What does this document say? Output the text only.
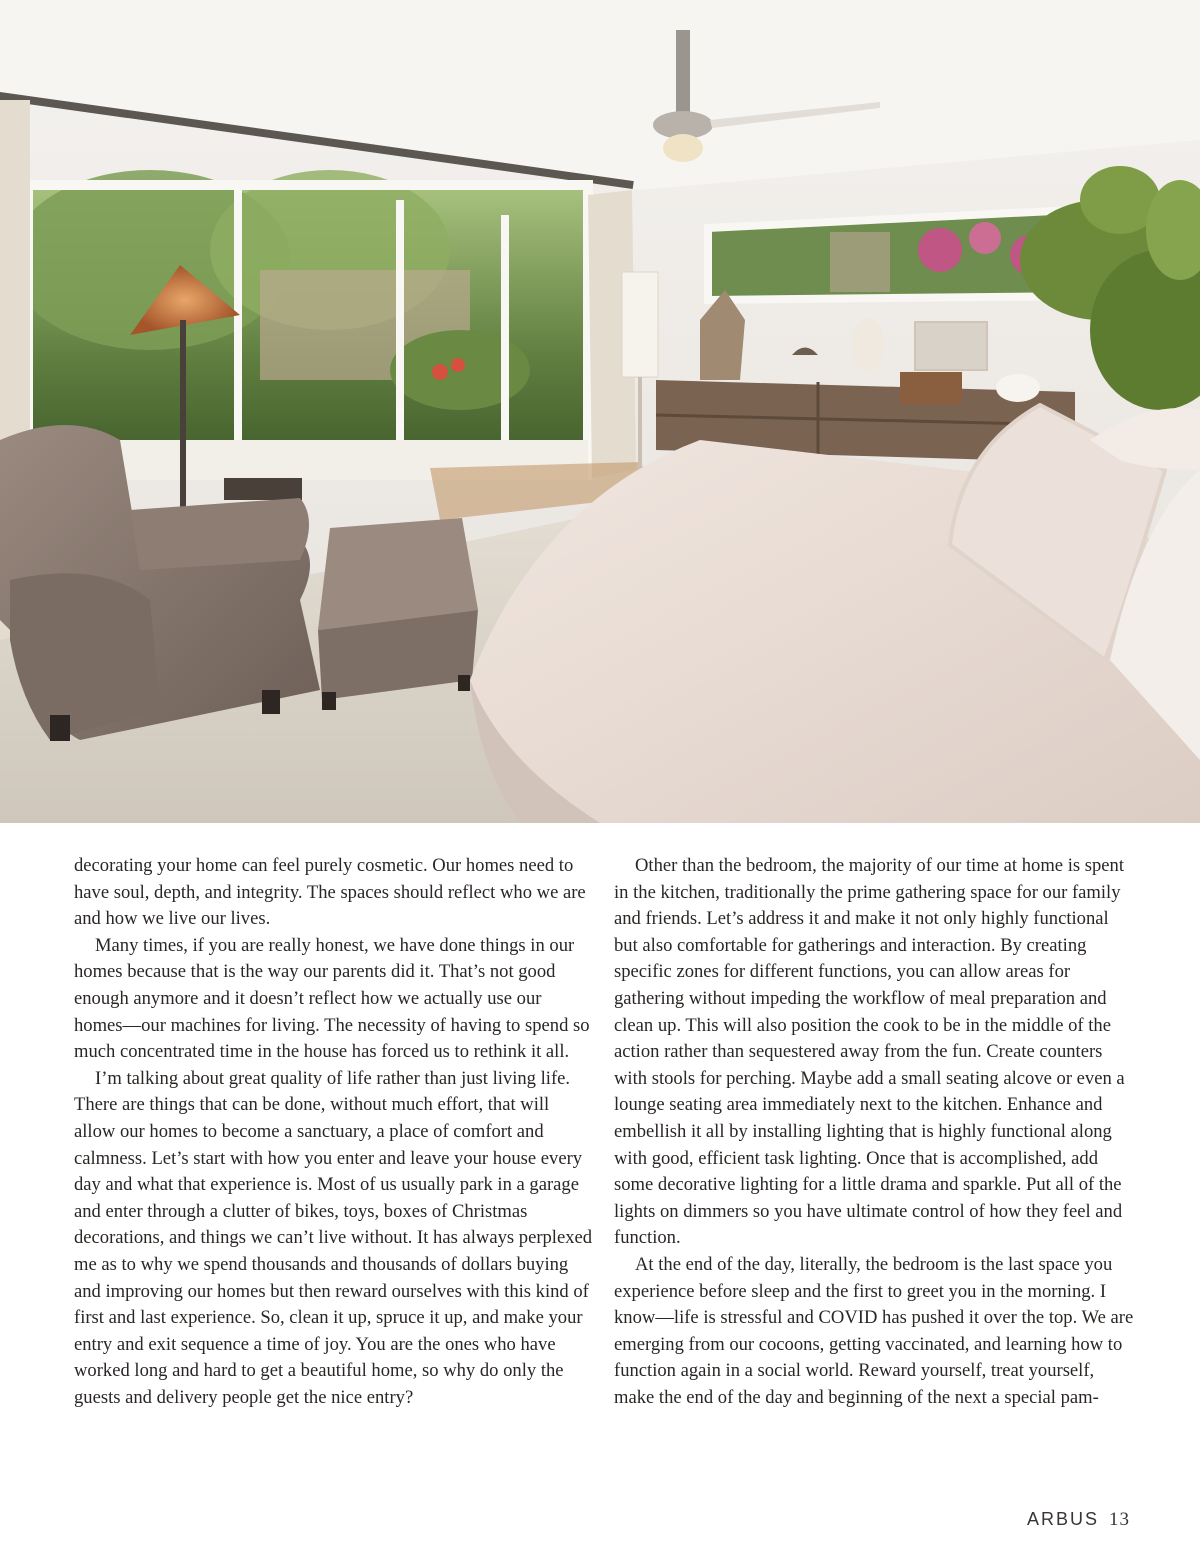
decorating your home can feel purely cosmetic. Our homes need to have soul, depth, and integrity. The spaces should reflect who we are and how we live our lives.

Many times, if you are really honest, we have done things in our homes because that is the way our parents did it. That’s not good enough anymore and it doesn’t reflect how we actually use our homes—our machines for living. The necessity of having to spend so much concentrated time in the house has forced us to rethink it all.

I’m talking about great quality of life rather than just living life. There are things that can be done, without much effort, that will allow our homes to become a sanctuary, a place of comfort and calmness. Let’s start with how you enter and leave your house every day and what that experience is. Most of us usually park in a garage and enter through a clutter of bikes, toys, boxes of Christmas decorations, and things we can’t live without. It has always perplexed me as to why we spend thousands and thousands of dollars buying and improving our homes but then reward ourselves with this kind of first and last experience. So, clean it up, spruce it up, and make your entry and exit sequence a time of joy. You are the ones who have worked long and hard to get a beautiful home, so why do only the guests and delivery people get the nice entry?

Other than the bedroom, the majority of our time at home is spent in the kitchen, traditionally the prime gathering space for our family and friends. Let’s address it and make it not only highly functional but also comfortable for gatherings and interaction. By creating specific zones for different functions, you can allow areas for gathering without impeding the workflow of meal preparation and clean up. This will also position the cook to be in the middle of the action rather than sequestered away from the fun. Create counters with stools for perching. Maybe add a small seating alcove or even a lounge seating area immediately next to the kitchen. Enhance and embellish it all by installing lighting that is highly functional along with good, efficient task lighting. Once that is accomplished, add some decorative lighting for a little drama and sparkle. Put all of the lights on dimmers so you have ultimate control of how they feel and function.

At the end of the day, literally, the bedroom is the last space you experience before sleep and the first to greet you in the morning. I know—life is stressful and COVID has pushed it over the top. We are emerging from our cocoons, getting vaccinated, and learning how to function again in a social world. Reward yourself, treat yourself, make the end of the day and beginning of the next a special pam-

ARBUS 13
